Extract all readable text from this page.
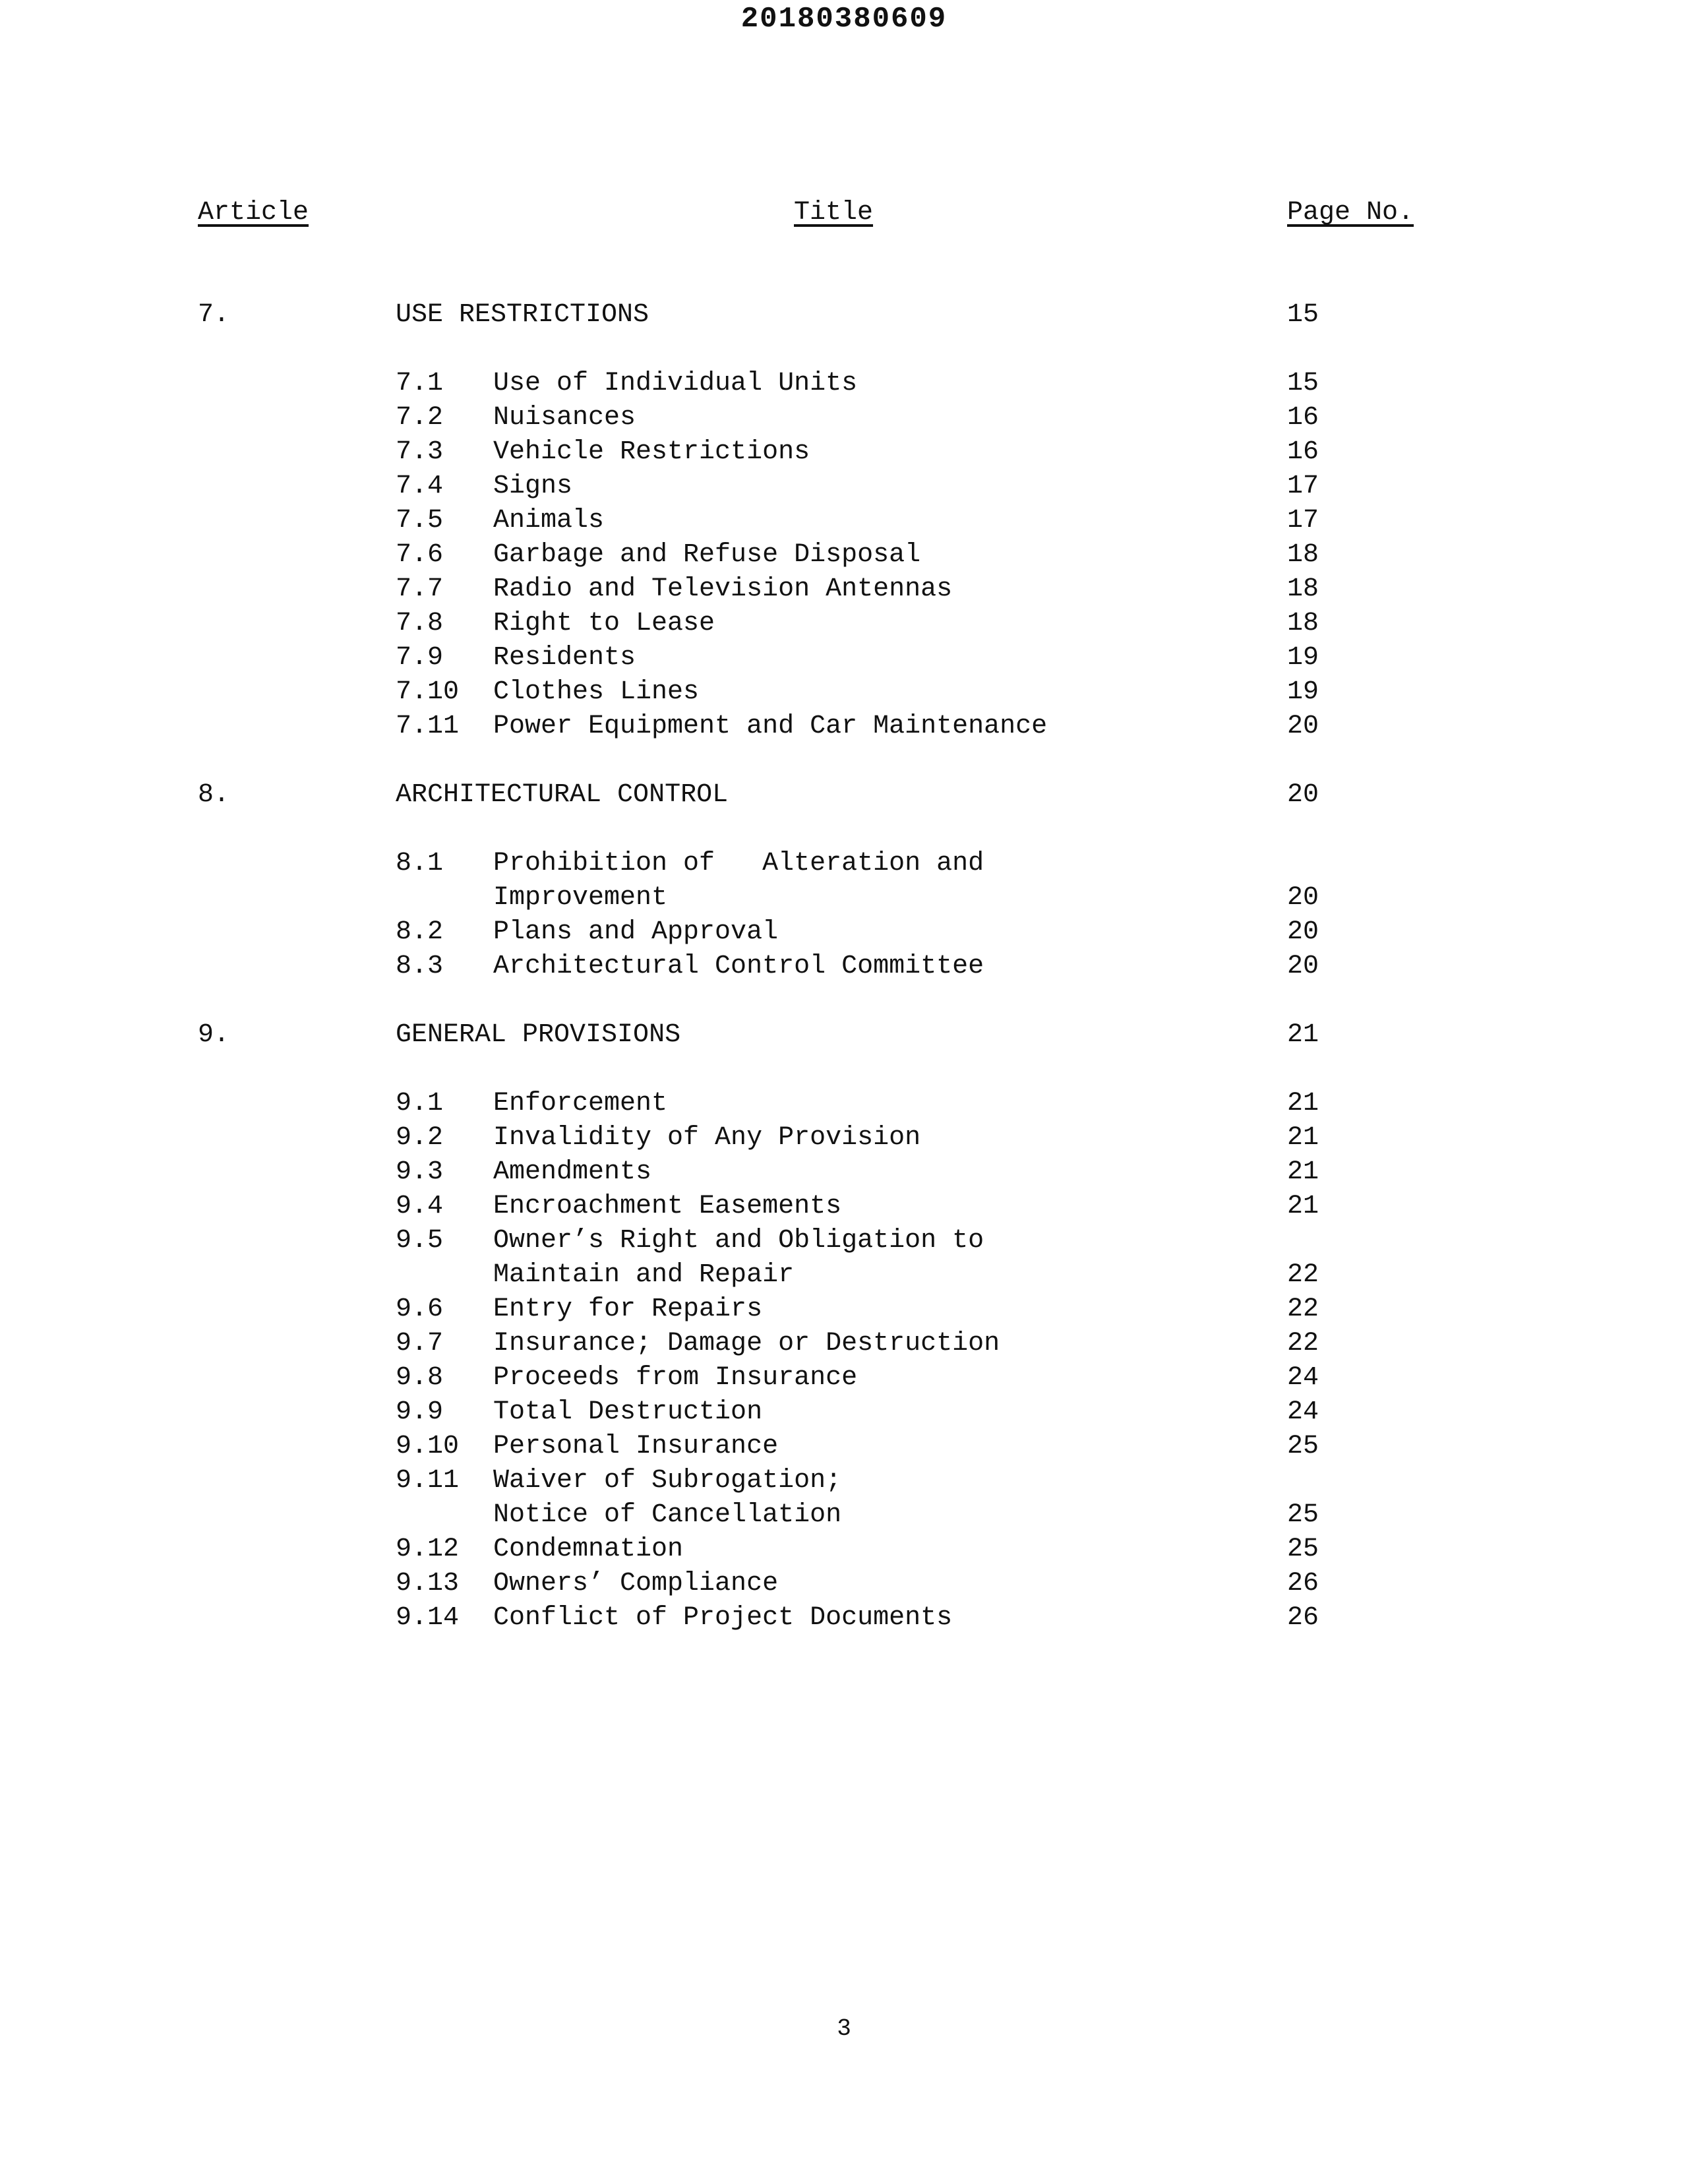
20180380609
Article	Title	Page No.
7.	USE RESTRICTIONS	15
7.1 Use of Individual Units	15
7.2 Nuisances	16
7.3 Vehicle Restrictions	16
7.4 Signs	17
7.5 Animals	17
7.6 Garbage and Refuse Disposal	18
7.7 Radio and Television Antennas	18
7.8 Right to Lease	18
7.9 Residents	19
7.10 Clothes Lines	19
7.11 Power Equipment and Car Maintenance	20
8.	ARCHITECTURAL CONTROL	20
8.1 Prohibition of   Alteration and
Improvement	20
8.2 Plans and Approval	20
8.3 Architectural Control Committee	20
9.	GENERAL PROVISIONS	21
9.1 Enforcement	21
9.2 Invalidity of Any Provision	21
9.3 Amendments	21
9.4 Encroachment Easements	21
9.5 Owner’s Right and Obligation to
Maintain and Repair	22
9.6 Entry for Repairs	22
9.7 Insurance; Damage or Destruction	22
9.8 Proceeds from Insurance	24
9.9 Total Destruction	24
9.10 Personal Insurance	25
9.11 Waiver of Subrogation;
Notice of Cancellation	25
9.12 Condemnation	25
9.13 Owners’ Compliance	26
9.14 Conflict of Project Documents	26
3
